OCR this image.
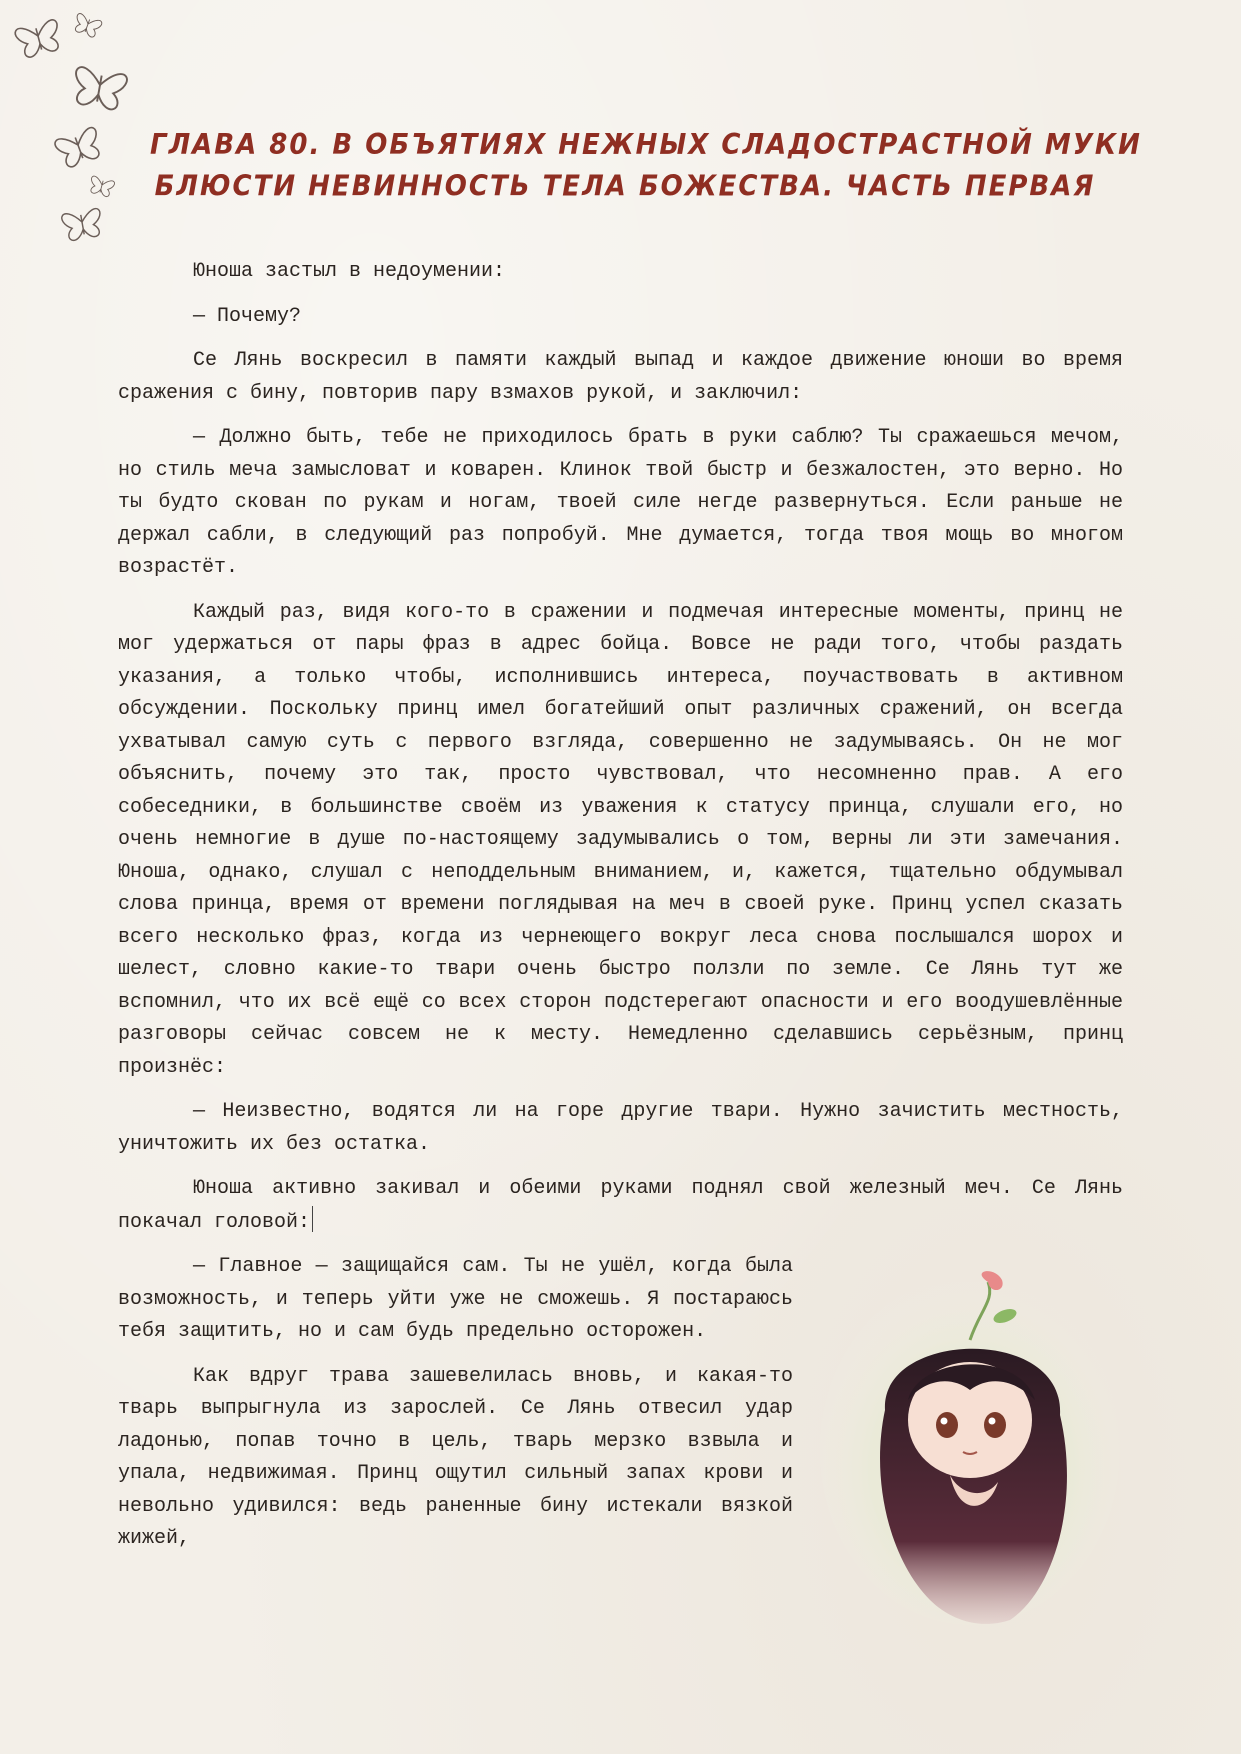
ГЛАВА 80. В ОБЪЯТИЯХ НЕЖНЫХ СЛАДОСТРАСТНОЙ МУКИ
БЛЮСТИ НЕВИННОСТЬ ТЕЛА БОЖЕСТВА. ЧАСТЬ ПЕРВАЯ

Юноша застыл в недоумении:

— Почему?

Се Лянь воскресил в памяти каждый выпад и каждое движение юноши во время сражения с бину, повторив пару взмахов рукой, и заключил:

— Должно быть, тебе не приходилось брать в руки саблю? Ты сражаешься мечом, но стиль меча замысловат и коварен. Клинок твой быстр и безжалостен, это верно. Но ты будто скован по рукам и ногам, твоей силе негде развернуться. Если раньше не держал сабли, в следующий раз попробуй. Мне думается, тогда твоя мощь во многом возрастёт.

Каждый раз, видя кого-то в сражении и подмечая интересные моменты, принц не мог удержаться от пары фраз в адрес бойца. Вовсе не ради того, чтобы раздать указания, а только чтобы, исполнившись интереса, поучаствовать в активном обсуждении. Поскольку принц имел богатейший опыт различных сражений, он всегда ухватывал самую суть с первого взгляда, совершенно не задумываясь. Он не мог объяснить, почему это так, просто чувствовал, что несомненно прав. А его собеседники, в большинстве своём из уважения к статусу принца, слушали его, но очень немногие в душе по-настоящему задумывались о том, верны ли эти замечания. Юноша, однако, слушал с неподдельным вниманием, и, кажется, тщательно обдумывал слова принца, время от времени поглядывая на меч в своей руке. Принц успел сказать всего несколько фраз, когда из чернеющего вокруг леса снова послышался шорох и шелест, словно какие-то твари очень быстро ползли по земле. Се Лянь тут же вспомнил, что их всё ещё со всех сторон подстерегают опасности и его воодушевлённые разговоры сейчас совсем не к месту. Немедленно сделавшись серьёзным, принц произнёс:

— Неизвестно, водятся ли на горе другие твари. Нужно зачистить местность, уничтожить их без остатка.

Юноша активно закивал и обеими руками поднял свой железный меч. Се Лянь покачал головой:

— Главное — защищайся сам. Ты не ушёл, когда была возможность, и теперь уйти уже не сможешь. Я постараюсь тебя защитить, но и сам будь предельно осторожен.

Как вдруг трава зашевелилась вновь, и какая-то тварь выпрыгнула из зарослей. Се Лянь отвесил удар ладонью, попав точно в цель, тварь мерзко взвыла и упала, недвижимая. Принц ощутил сильный запах крови и невольно удивился: ведь раненные бину истекали вязкой жижей,
